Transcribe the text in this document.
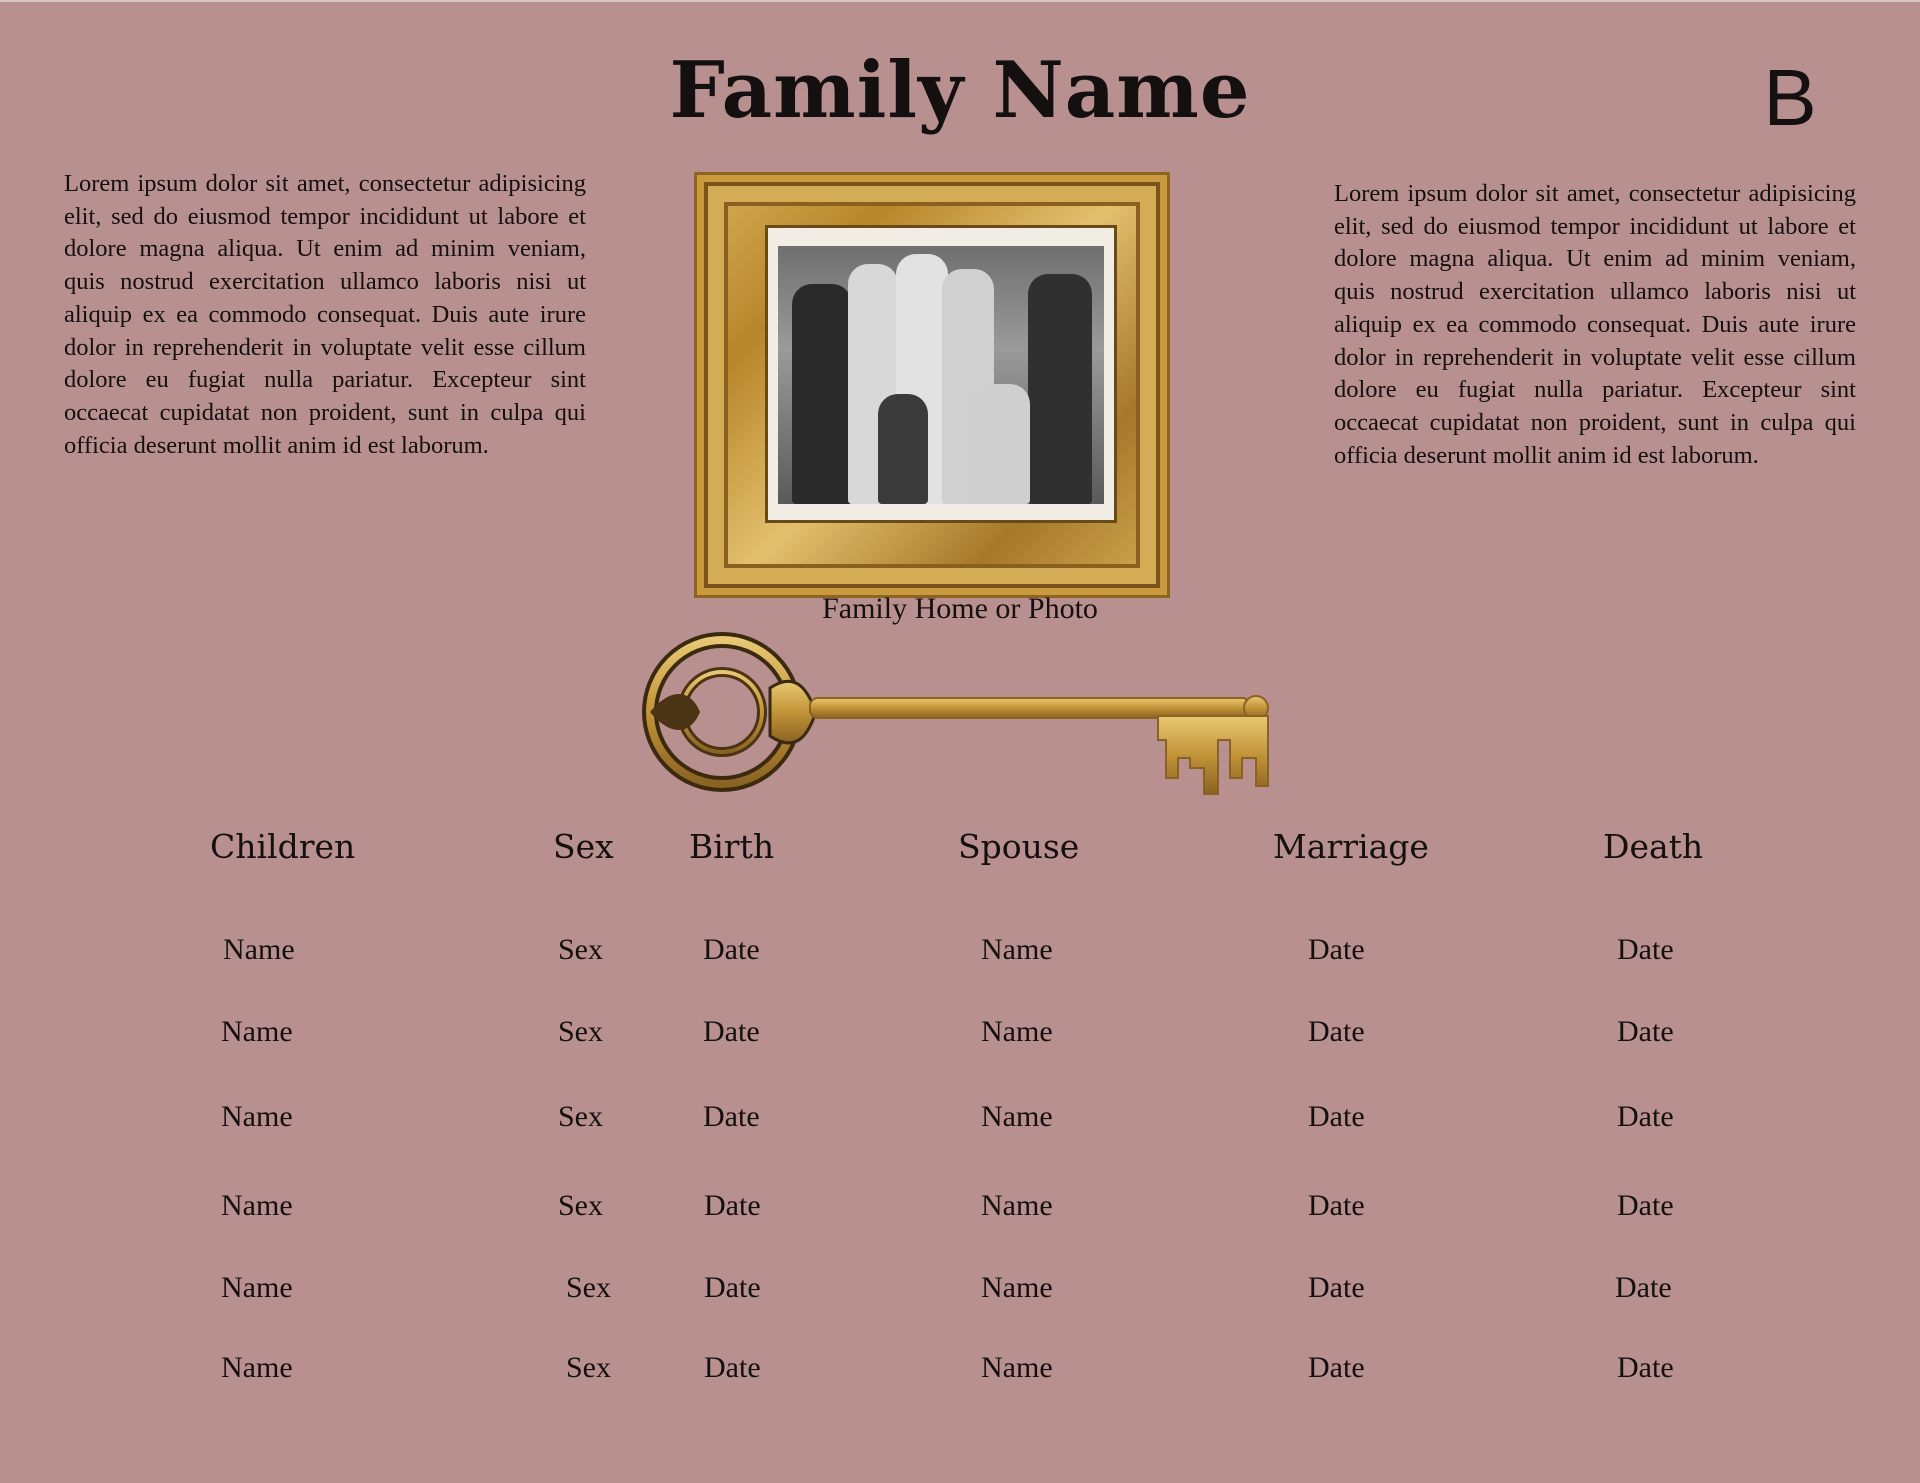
Family Name	B

Lorem ipsum dolor sit amet, consectetur adipisicing elit, sed do eiusmod tempor incididunt ut labore et dolore magna aliqua. Ut enim ad minim veniam, quis nostrud exercitation ullamco laboris nisi ut aliquip ex ea commodo consequat. Duis aute irure dolor in reprehenderit in voluptate velit esse cillum dolore eu fugiat nulla pariatur. Excepteur sint occaecat cupidatat non proident, sunt in culpa qui officia deserunt mollit anim id est laborum.

Lorem ipsum dolor sit amet, consectetur adipisicing elit, sed do eiusmod tempor incididunt ut labore et dolore magna aliqua. Ut enim ad minim veniam, quis nostrud exercitation ullamco laboris nisi ut aliquip ex ea commodo consequat. Duis aute irure dolor in reprehenderit in voluptate velit esse cillum dolore eu fugiat nulla pariatur. Excepteur sint occaecat cupidatat non proident, sunt in culpa qui officia deserunt mollit anim id est laborum.

Family Home or Photo
Children	Sex Birth	Spouse	Marriage	Death
Name	Sex	Date	Name	Date	Date
Name	Sex	Date	Name	Date	Date
Name	Sex	Date	Name	Date	Date
Name	Sex	Date	Name	Date	Date
Name	Sex	Date	Name	Date	Date
Name	Sex	Date	Name	Date	Date
